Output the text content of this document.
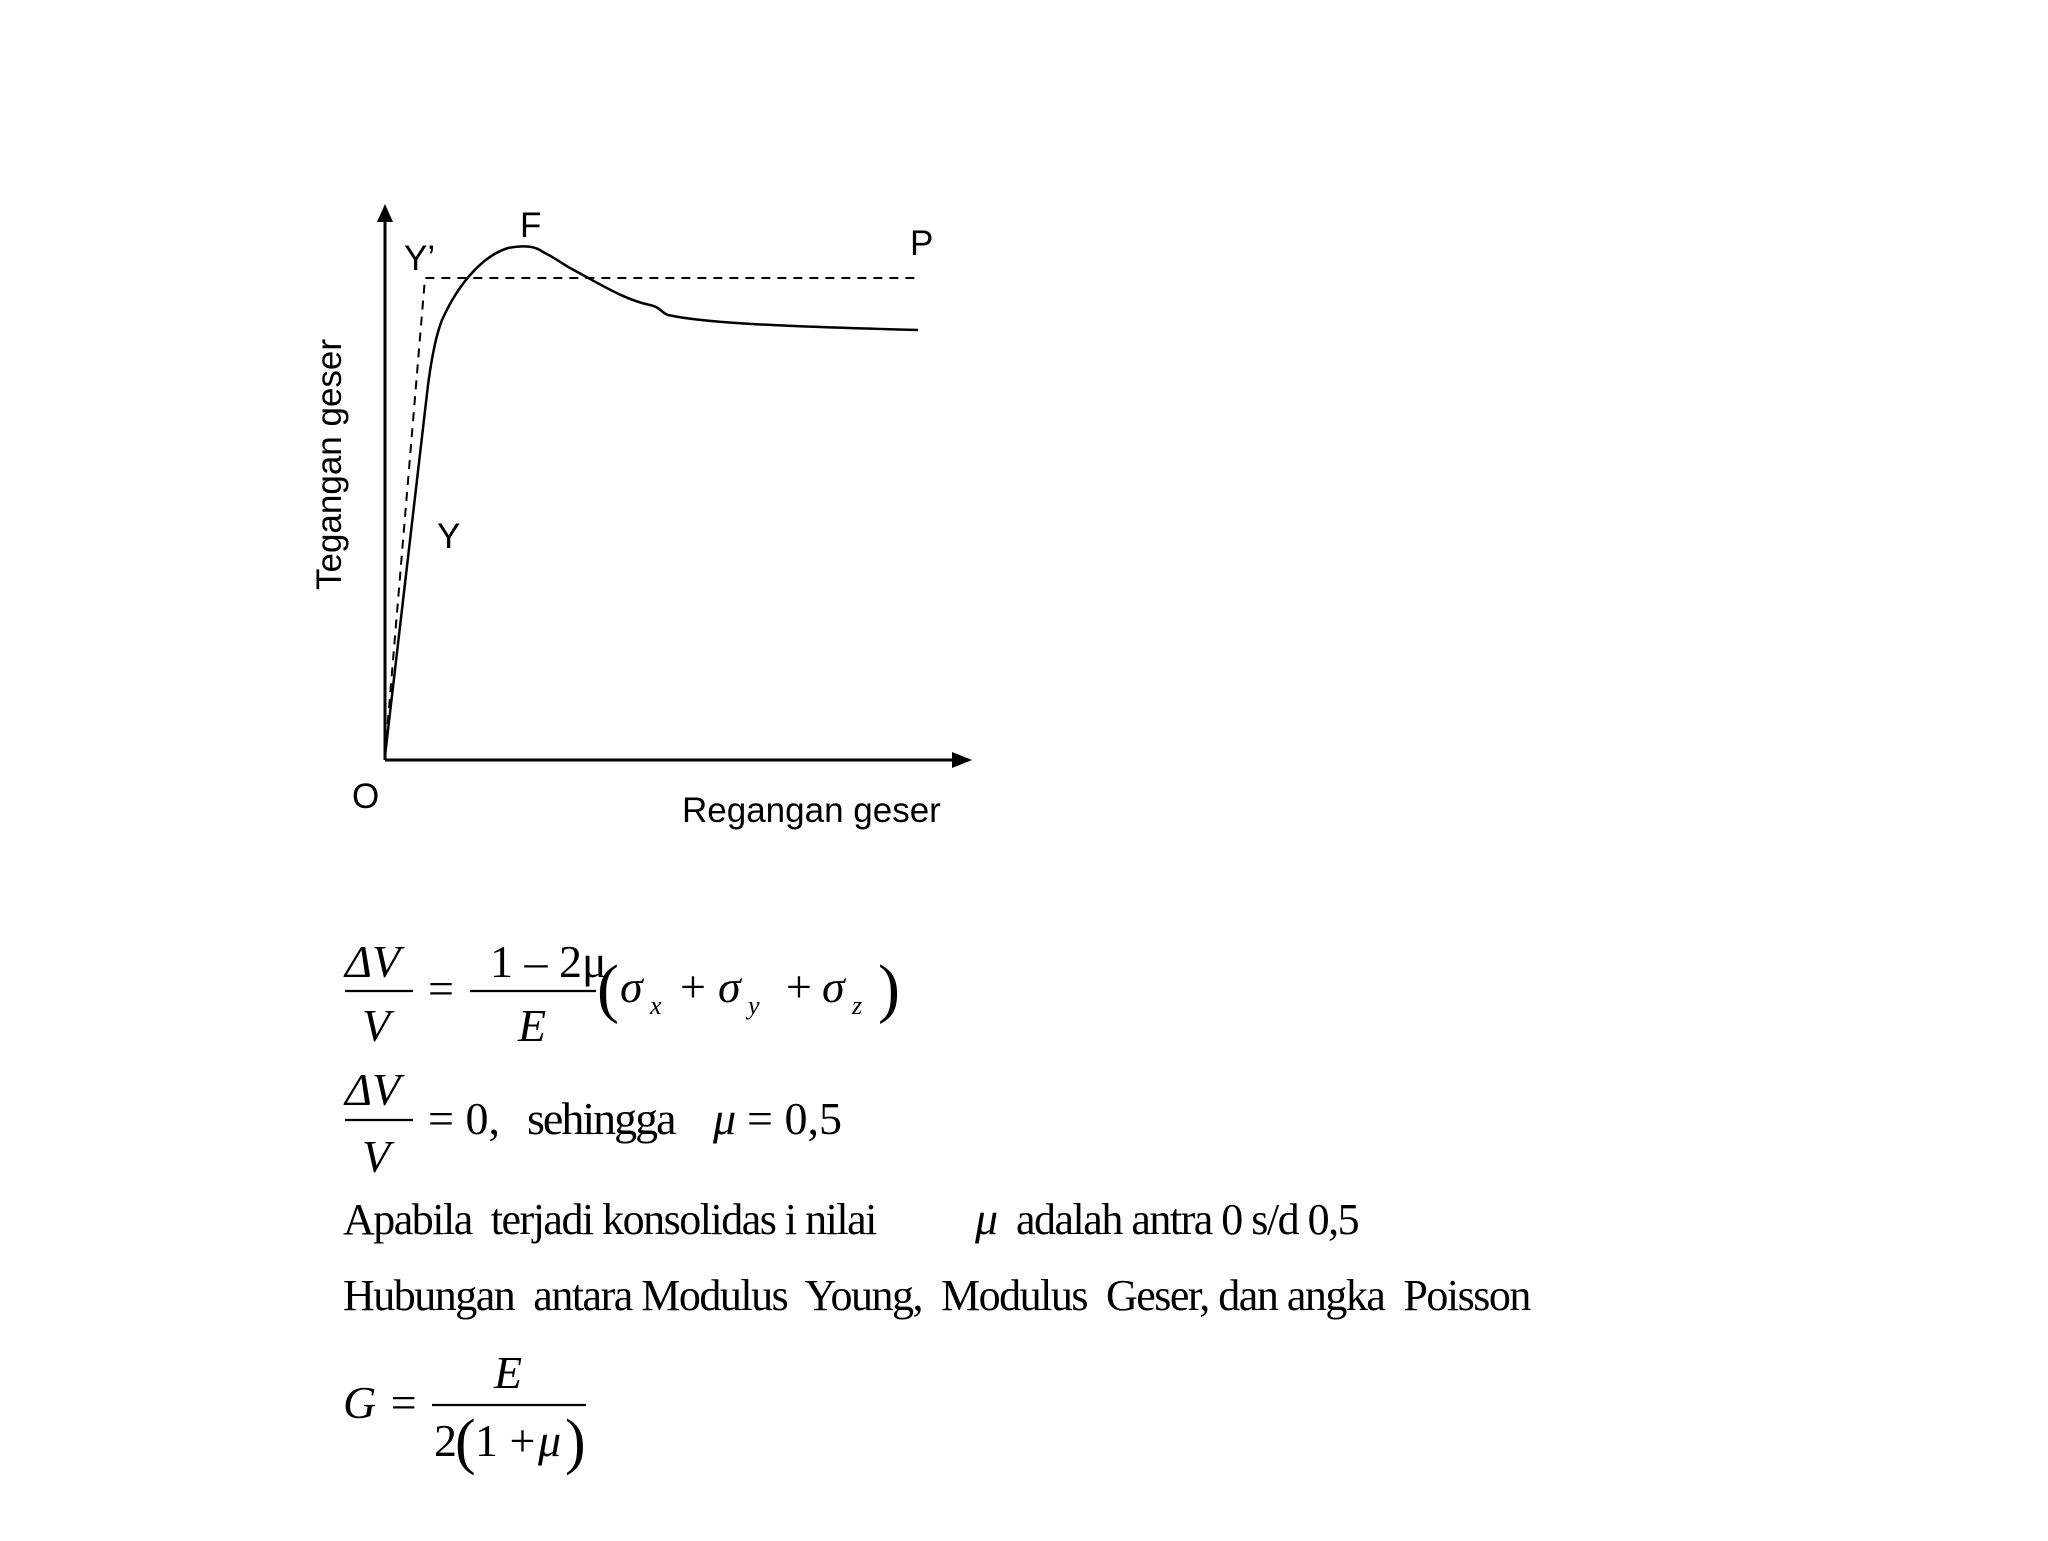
Tegangan geser
Regangan geser
O
Y
Y’
F	P
ΔV
V
=
1 – 2μ
E
( σ x + σ y + σ z )
ΔV
V
= 0, sehingga μ = 0,5
Apabila  terjadi konsolidas i nilai μ adalah antra 0 s/d 0,5
Hubungan  antara Modulus  Young,  Modulus  Geser, dan angka  Poisson
G =
E
2
( 1 + μ )
